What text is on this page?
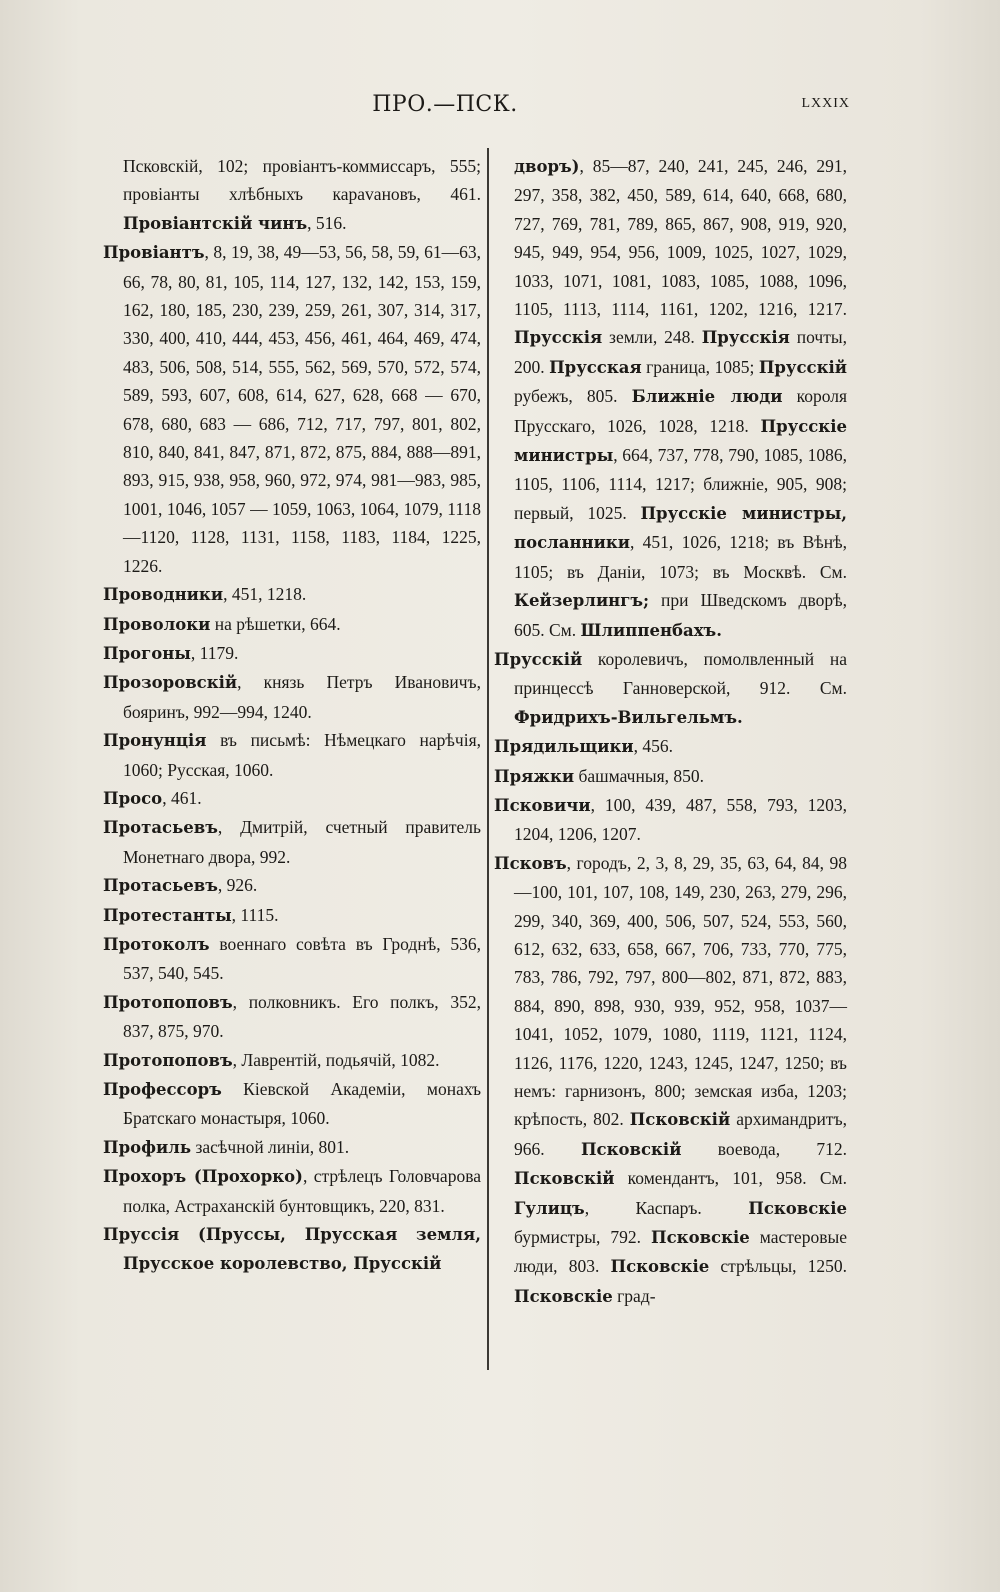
ПРО.—ПСК.	LXXIX
Псковскій, 102; провіантъ-коммиссаръ, 555; провіанты хлѣбныхъ карavановъ, 461. Провіантскій чинъ, 516.
Провіантъ, 8, 19, 38, 49—53, 56, 58, 59, 61—63, 66, 78, 80, 81, 105, 114, 127, 132, 142, 153, 159, 162, 180, 185, 230, 239, 259, 261, 307, 314, 317, 330, 400, 410, 444, 453, 456, 461, 464, 469, 474, 483, 506, 508, 514, 555, 562, 569, 570, 572, 574, 589, 593, 607, 608, 614, 627, 628, 668 — 670, 678, 680, 683 — 686, 712, 717, 797, 801, 802, 810, 840, 841, 847, 871, 872, 875, 884, 888—891, 893, 915, 938, 958, 960, 972, 974, 981—983, 985, 1001, 1046, 1057 — 1059, 1063, 1064, 1079, 1118—1120, 1128, 1131, 1158, 1183, 1184, 1225, 1226.
Проводники, 451, 1218.
Проволоки на рѣшетки, 664.
Прогоны, 1179.
Прозоровскій, князь Петръ Ивановичъ, бояринъ, 992—994, 1240.
Пронунція въ письмѣ: Нѣмецкаго нарѣчія, 1060; Русская, 1060.
Просо, 461.
Протасьевъ, Дмитрій, счетный правитель Монетнаго двора, 992.
Протасьевъ, 926.
Протестанты, 1115.
Протоколъ военнаго совѣта въ Гроднѣ, 536, 537, 540, 545.
Протопоповъ, полковникъ. Его полкъ, 352, 837, 875, 970.
Протопоповъ, Лаврентій, подьячій, 1082.
Профессоръ Кіевской Академіи, монахъ Братскаго монастыря, 1060.
Профиль засѣчной линіи, 801.
Прохоръ (Прохорко), стрѣлецъ Головчарова полка, Астраханскій бунтовщикъ, 220, 831.
Пруссія (Пруссы, Прусская земля, Прусское королевство, Прусскій
дворъ), 85—87, 240, 241, 245, 246, 291, 297, 358, 382, 450, 589, 614, 640, 668, 680, 727, 769, 781, 789, 865, 867, 908, 919, 920, 945, 949, 954, 956, 1009, 1025, 1027, 1029, 1033, 1071, 1081, 1083, 1085, 1088, 1096, 1105, 1113, 1114, 1161, 1202, 1216, 1217. Прусскія земли, 248. Прусскія почты, 200. Прусская граница, 1085; Прусскій рубежъ, 805. Ближніе люди короля Прусскаго, 1026, 1028, 1218. Прусскіе министры, 664, 737, 778, 790, 1085, 1086, 1105, 1106, 1114, 1217; ближніе, 905, 908; первый, 1025. Прусскіе министры, посланники, 451, 1026, 1218; въ Вѣнѣ, 1105; въ Даніи, 1073; въ Москвѣ. См. Кейзерлингъ; при Шведскомъ дворѣ, 605. См. Шлиппенбахъ.
Прусскій королевичъ, помолвленный на принцессѣ Ганноверской, 912. См. Фридрихъ-Вильгельмъ.
Прядильщики, 456.
Пряжки башмачныя, 850.
Псковичи, 100, 439, 487, 558, 793, 1203, 1204, 1206, 1207.
Псковъ, городъ, 2, 3, 8, 29, 35, 63, 64, 84, 98—100, 101, 107, 108, 149, 230, 263, 279, 296, 299, 340, 369, 400, 506, 507, 524, 553, 560, 612, 632, 633, 658, 667, 706, 733, 770, 775, 783, 786, 792, 797, 800—802, 871, 872, 883, 884, 890, 898, 930, 939, 952, 958, 1037—1041, 1052, 1079, 1080, 1119, 1121, 1124, 1126, 1176, 1220, 1243, 1245, 1247, 1250; въ немъ: гарнизонъ, 800; земская изба, 1203; крѣпость, 802. Псковскій архимандритъ, 966. Псковскій воевода, 712. Псковскій комендантъ, 101, 958. См. Гулицъ, Каспаръ. Псковскіе бурмистры, 792. Псковскіе мастеровые люди, 803. Псковскіе стрѣльцы, 1250. Псковскіе град-
